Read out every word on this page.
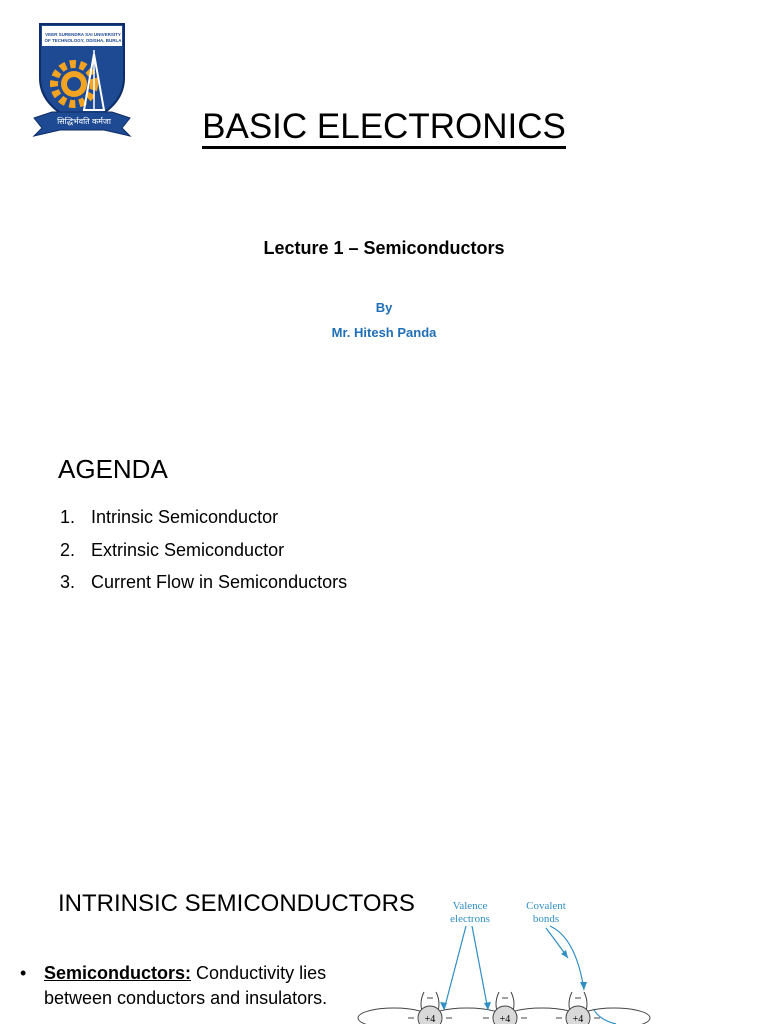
VEER SURENDRA SAI UNIVERSITY OF TECHNOLOGY, ODISHA, BURLA
सिद्धिर्भवति कर्मजा	BASIC ELECTRONICS
Lecture 1 – Semiconductors
By
Mr. Hitesh Panda
AGENDA
1. Intrinsic Semiconductor
2. Extrinsic Semiconductor
3. Current Flow in Semiconductors
Valence
electrons
Covalent
bonds
+4	+4	+4
INTRINSIC SEMICONDUCTORS
• Semiconductors: Conductivity lies between conductors and insulators.
